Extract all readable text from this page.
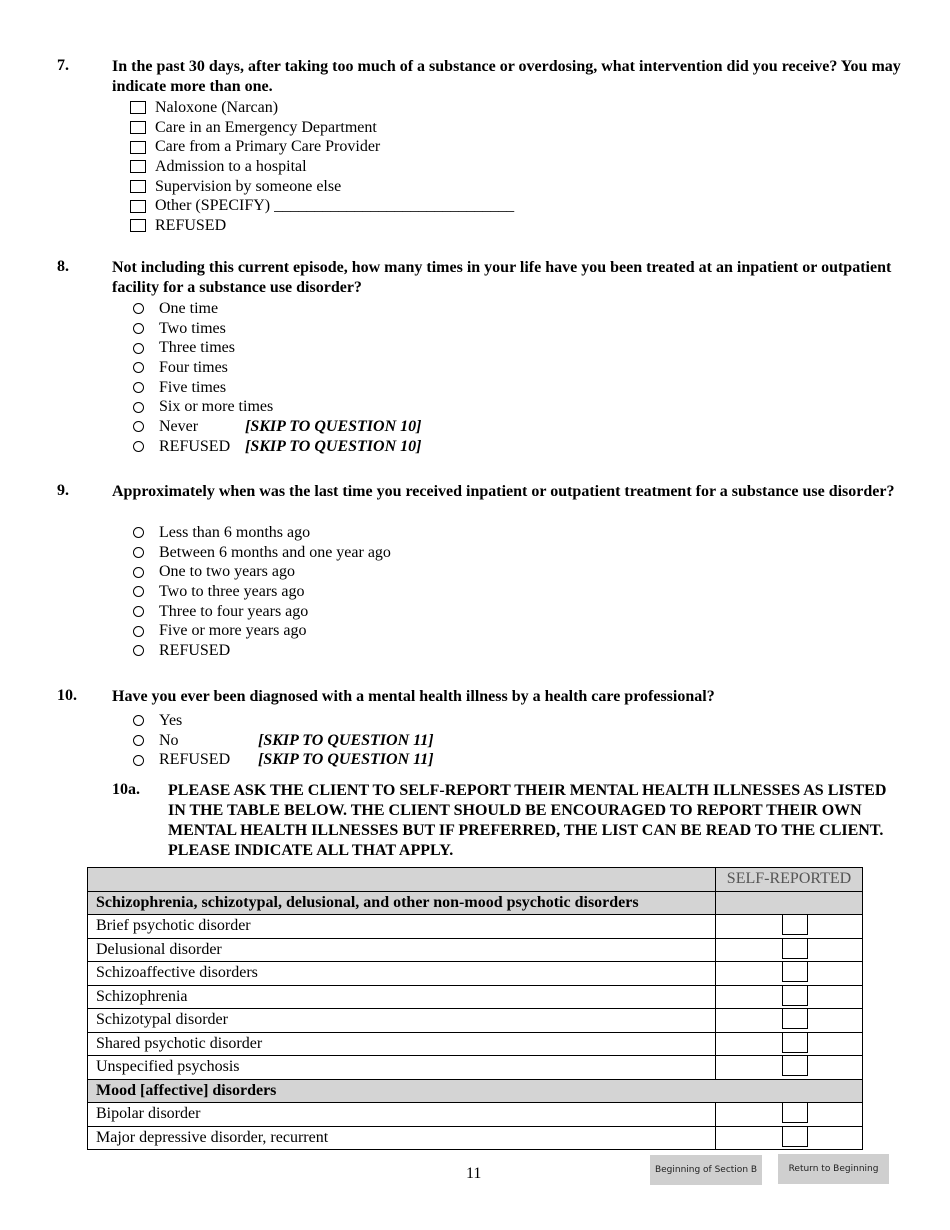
7.	In the past 30 days, after taking too much of a substance or overdosing, what intervention did you receive? You may indicate more than one.
Naloxone (Narcan)
Care in an Emergency Department
Care from a Primary Care Provider
Admission to a hospital
Supervision by someone else
Other (SPECIFY) ______________________________
REFUSED
8.	Not including this current episode, how many times in your life have you been treated at an inpatient or outpatient facility for a substance use disorder?
One time
Two times
Three times
Four times
Five times
Six or more times
Never	[SKIP TO QUESTION 10]
REFUSED [SKIP TO QUESTION 10]
9.	Approximately when was the last time you received inpatient or outpatient treatment for a substance use disorder?
Less than 6 months ago
Between 6 months and one year ago
One to two years ago
Two to three years ago
Three to four years ago
Five or more years ago
REFUSED
10. Have you ever been diagnosed with a mental health illness by a health care professional?
Yes
No	[SKIP TO QUESTION 11]
REFUSED [SKIP TO QUESTION 11]
10a. PLEASE ASK THE CLIENT TO SELF-REPORT THEIR MENTAL HEALTH ILLNESSES AS LISTED IN THE TABLE BELOW. THE CLIENT SHOULD BE ENCOURAGED TO REPORT THEIR OWN MENTAL HEALTH ILLNESSES BUT IF PREFERRED, THE LIST CAN BE READ TO THE CLIENT. PLEASE INDICATE ALL THAT APPLY.
	SELF-REPORTED
Schizophrenia, schizotypal, delusional, and other non-mood psychotic disorders	
Brief psychotic disorder	

Delusional disorder	

Schizoaffective disorders	

Schizophrenia	

Schizotypal disorder	

Shared psychotic disorder	

Unspecified psychosis	

Mood [affective] disorders	
Bipolar disorder	

Major depressive disorder, recurrent	
11	Beginning of Section B	Return to Beginning
